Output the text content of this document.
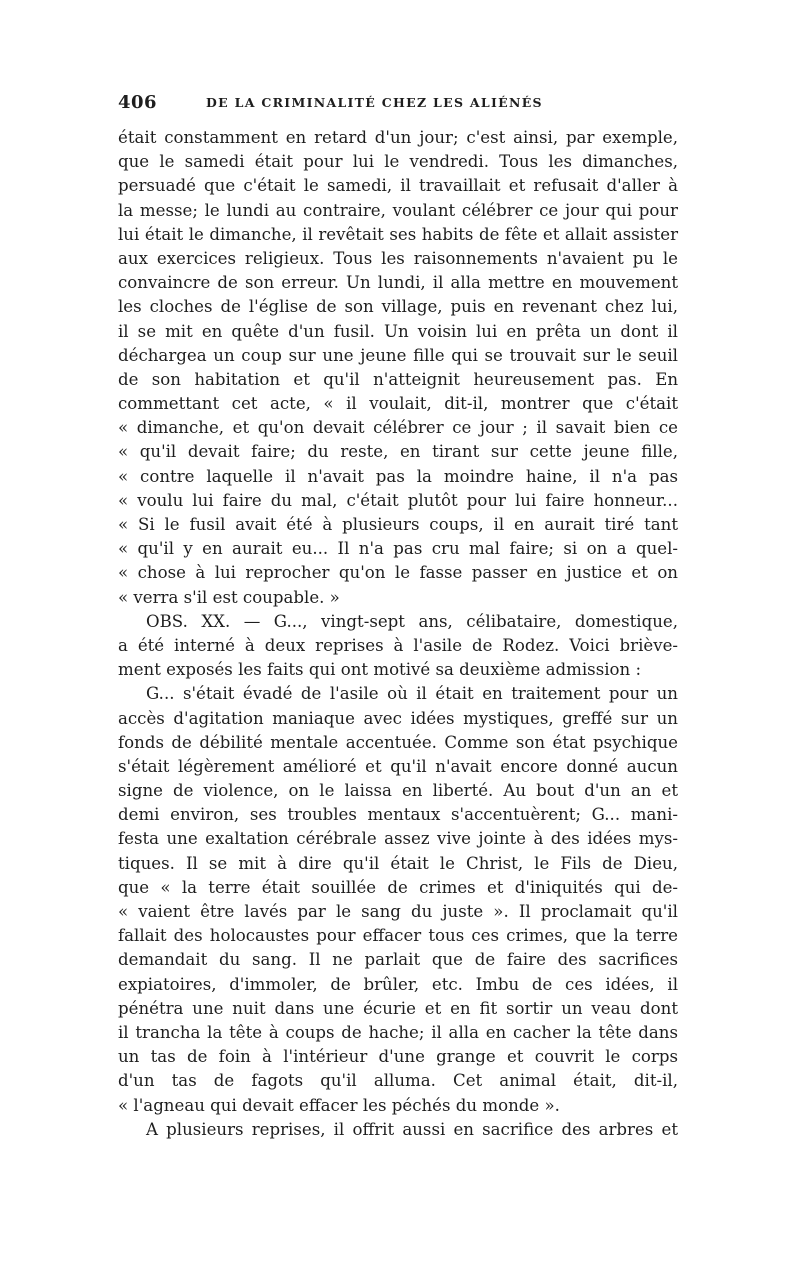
406	DE LA CRIMINALITÉ CHEZ LES ALIÉNÉS
était constamment en retard d'un jour; c'est ainsi, par exemple,
que le samedi était pour lui le vendredi. Tous les dimanches,
persuadé que c'était le samedi, il travaillait et refusait d'aller à
la messe; le lundi au contraire, voulant célébrer ce jour qui pour
lui était le dimanche, il revêtait ses habits de fête et allait assister
aux exercices religieux. Tous les raisonnements n'avaient pu le
convaincre de son erreur. Un lundi, il alla mettre en mouvement
les cloches de l'église de son village, puis en revenant chez lui,
il se mit en quête d'un fusil. Un voisin lui en prêta un dont il
déchargea un coup sur une jeune fille qui se trouvait sur le seuil
de son habitation et qu'il n'atteignit heureusement pas. En
commettant cet acte, « il voulait, dit-il, montrer que c'était
« dimanche, et qu'on devait célébrer ce jour ; il savait bien ce
« qu'il devait faire; du reste, en tirant sur cette jeune fille,
« contre laquelle il n'avait pas la moindre haine, il n'a pas
« voulu lui faire du mal, c'était plutôt pour lui faire honneur...
« Si le fusil avait été à plusieurs coups, il en aurait tiré tant
« qu'il y en aurait eu... Il n'a pas cru mal faire; si on a quel-
« chose à lui reprocher qu'on le fasse passer en justice et on
« verra s'il est coupable. »
OBS. XX. — G..., vingt-sept ans, célibataire, domestique,
a été interné à deux reprises à l'asile de Rodez. Voici briève-
ment exposés les faits qui ont motivé sa deuxième admission :
G... s'était évadé de l'asile où il était en traitement pour un
accès d'agitation maniaque avec idées mystiques, greffé sur un
fonds de débilité mentale accentuée. Comme son état psychique
s'était légèrement amélioré et qu'il n'avait encore donné aucun
signe de violence, on le laissa en liberté. Au bout d'un an et
demi environ, ses troubles mentaux s'accentuèrent; G... mani-
festa une exaltation cérébrale assez vive jointe à des idées mys-
tiques. Il se mit à dire qu'il était le Christ, le Fils de Dieu,
que « la terre était souillée de crimes et d'iniquités qui de-
« vaient être lavés par le sang du juste ». Il proclamait qu'il
fallait des holocaustes pour effacer tous ces crimes, que la terre
demandait du sang. Il ne parlait que de faire des sacrifices
expiatoires, d'immoler, de brûler, etc. Imbu de ces idées, il
pénétra une nuit dans une écurie et en fit sortir un veau dont
il trancha la tête à coups de hache; il alla en cacher la tête dans
un tas de foin à l'intérieur d'une grange et couvrit le corps
d'un tas de fagots qu'il alluma. Cet animal était, dit-il,
« l'agneau qui devait effacer les péchés du monde ».
A plusieurs reprises, il offrit aussi en sacrifice des arbres et
